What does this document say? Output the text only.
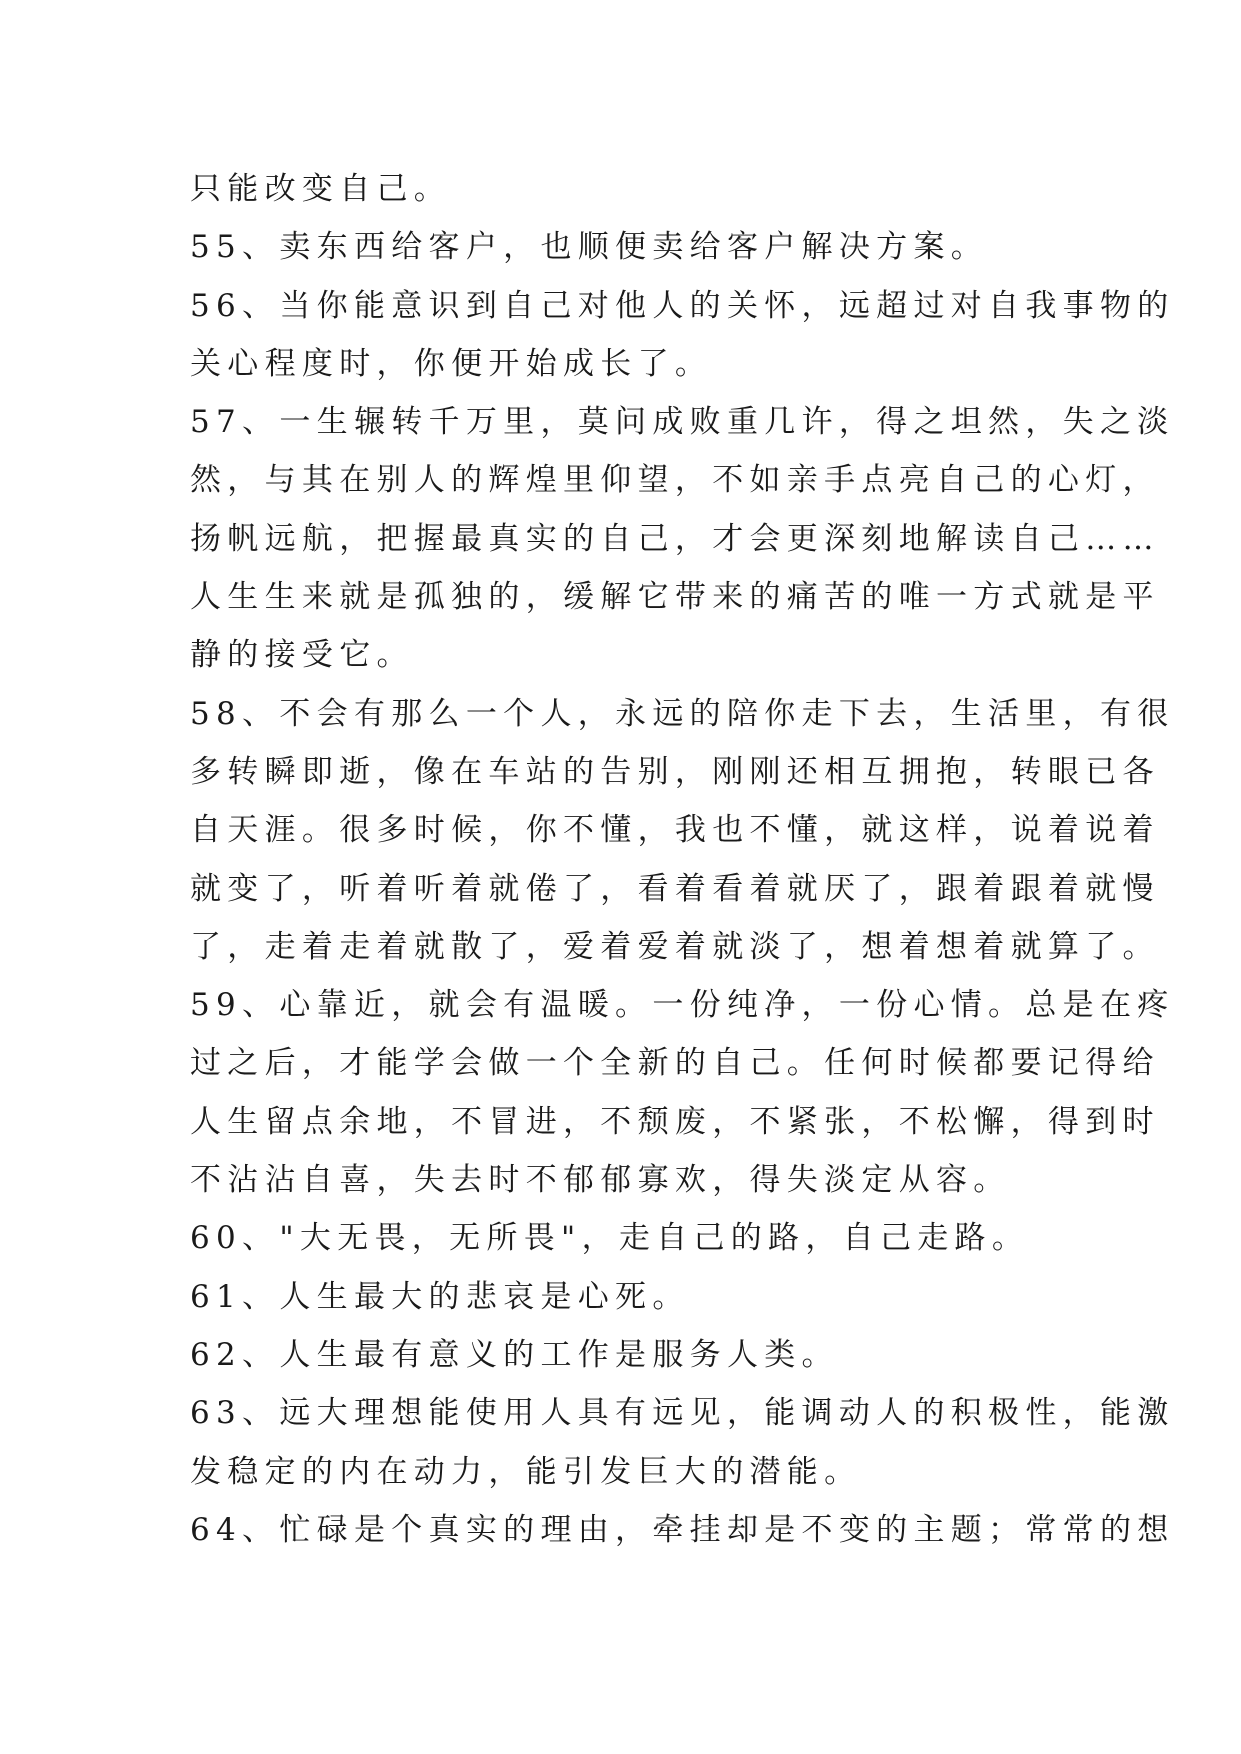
只能改变自己。
55、卖东西给客户，也顺便卖给客户解决方案。
56、当你能意识到自己对他人的关怀，远超过对自我事物的
关心程度时，你便开始成长了。
57、一生辗转千万里，莫问成败重几许，得之坦然，失之淡
然，与其在别人的辉煌里仰望，不如亲手点亮自己的心灯，
扬帆远航，把握最真实的自己，才会更深刻地解读自己……
人生生来就是孤独的，缓解它带来的痛苦的唯一方式就是平
静的接受它。
58、不会有那么一个人，永远的陪你走下去，生活里，有很
多转瞬即逝，像在车站的告别，刚刚还相互拥抱，转眼已各
自天涯。很多时候，你不懂，我也不懂，就这样，说着说着
就变了，听着听着就倦了，看着看着就厌了，跟着跟着就慢
了，走着走着就散了，爱着爱着就淡了，想着想着就算了。
59、心靠近，就会有温暖。一份纯净，一份心情。总是在疼
过之后，才能学会做一个全新的自己。任何时候都要记得给
人生留点余地，不冒进，不颓废，不紧张，不松懈，得到时
不沾沾自喜，失去时不郁郁寡欢，得失淡定从容。
60、"大无畏，无所畏"，走自己的路，自己走路。
61、人生最大的悲哀是心死。
62、人生最有意义的工作是服务人类。
63、远大理想能使用人具有远见，能调动人的积极性，能激
发稳定的内在动力，能引发巨大的潜能。
64、忙碌是个真实的理由，牵挂却是不变的主题；常常的想
